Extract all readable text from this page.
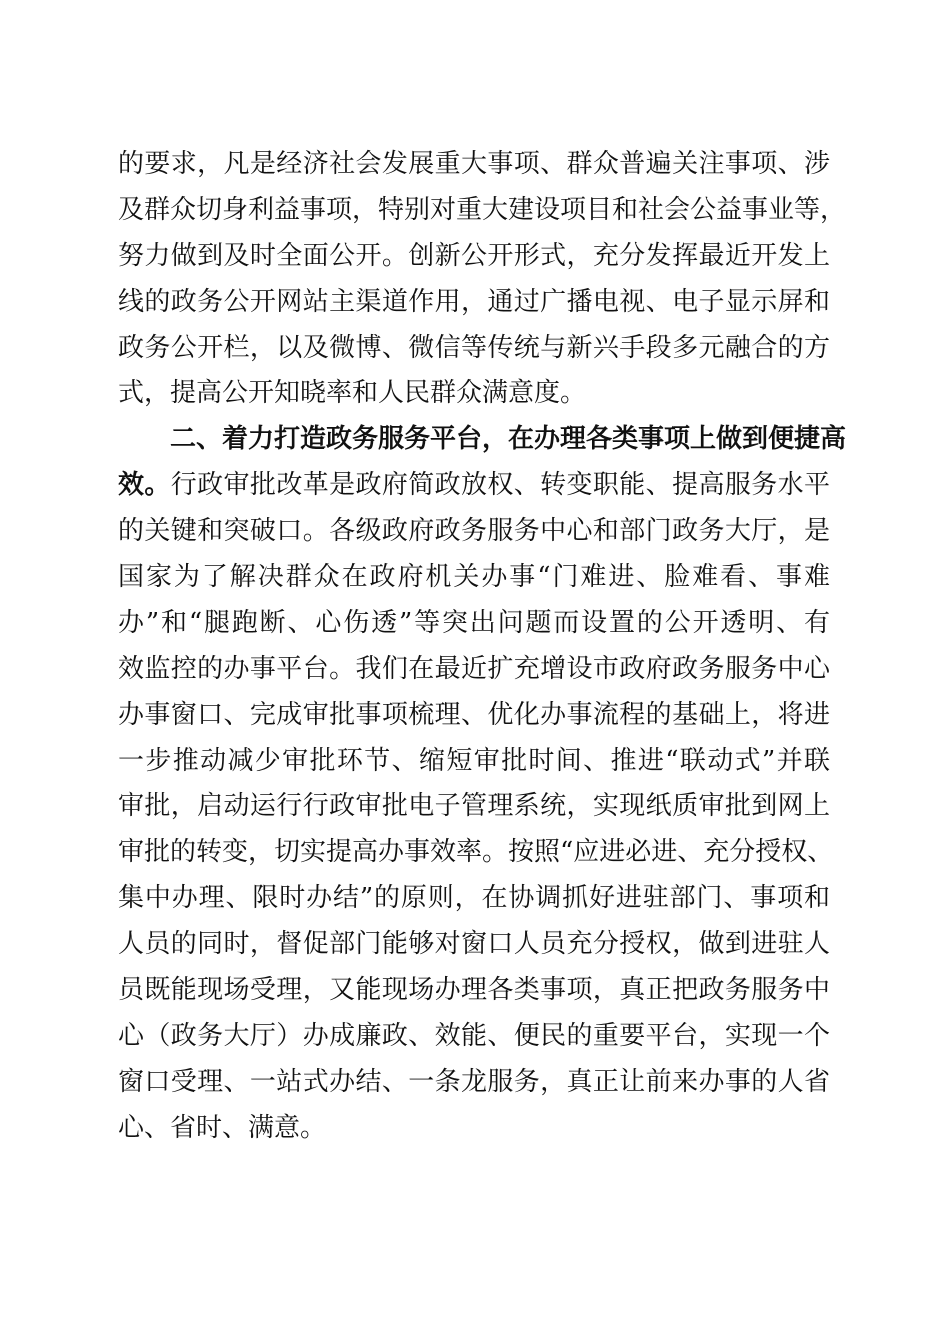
的要求，凡是经济社会发展重大事项、群众普遍关注事项、涉
及群众切身利益事项，特别对重大建设项目和社会公益事业等，
努力做到及时全面公开。创新公开形式，充分发挥最近开发上
线的政务公开网站主渠道作用，通过广播电视、电子显示屏和
政务公开栏，以及微博、微信等传统与新兴手段多元融合的方
式，提高公开知晓率和人民群众满意度。
二、着力打造政务服务平台，在办理各类事项上做到便捷高
效。行政审批改革是政府简政放权、转变职能、提高服务水平
的关键和突破口。各级政府政务服务中心和部门政务大厅，是
国家为了解决群众在政府机关办事“门难进、脸难看、事难
办”和“腿跑断、心伤透”等突出问题而设置的公开透明、有
效监控的办事平台。我们在最近扩充增设市政府政务服务中心
办事窗口、完成审批事项梳理、优化办事流程的基础上，将进
一步推动减少审批环节、缩短审批时间、推进“联动式”并联
审批，启动运行行政审批电子管理系统，实现纸质审批到网上
审批的转变，切实提高办事效率。按照“应进必进、充分授权、
集中办理、限时办结”的原则，在协调抓好进驻部门、事项和
人员的同时，督促部门能够对窗口人员充分授权，做到进驻人
员既能现场受理，又能现场办理各类事项，真正把政务服务中
心（政务大厅）办成廉政、效能、便民的重要平台，实现一个
窗口受理、一站式办结、一条龙服务，真正让前来办事的人省
心、省时、满意。
